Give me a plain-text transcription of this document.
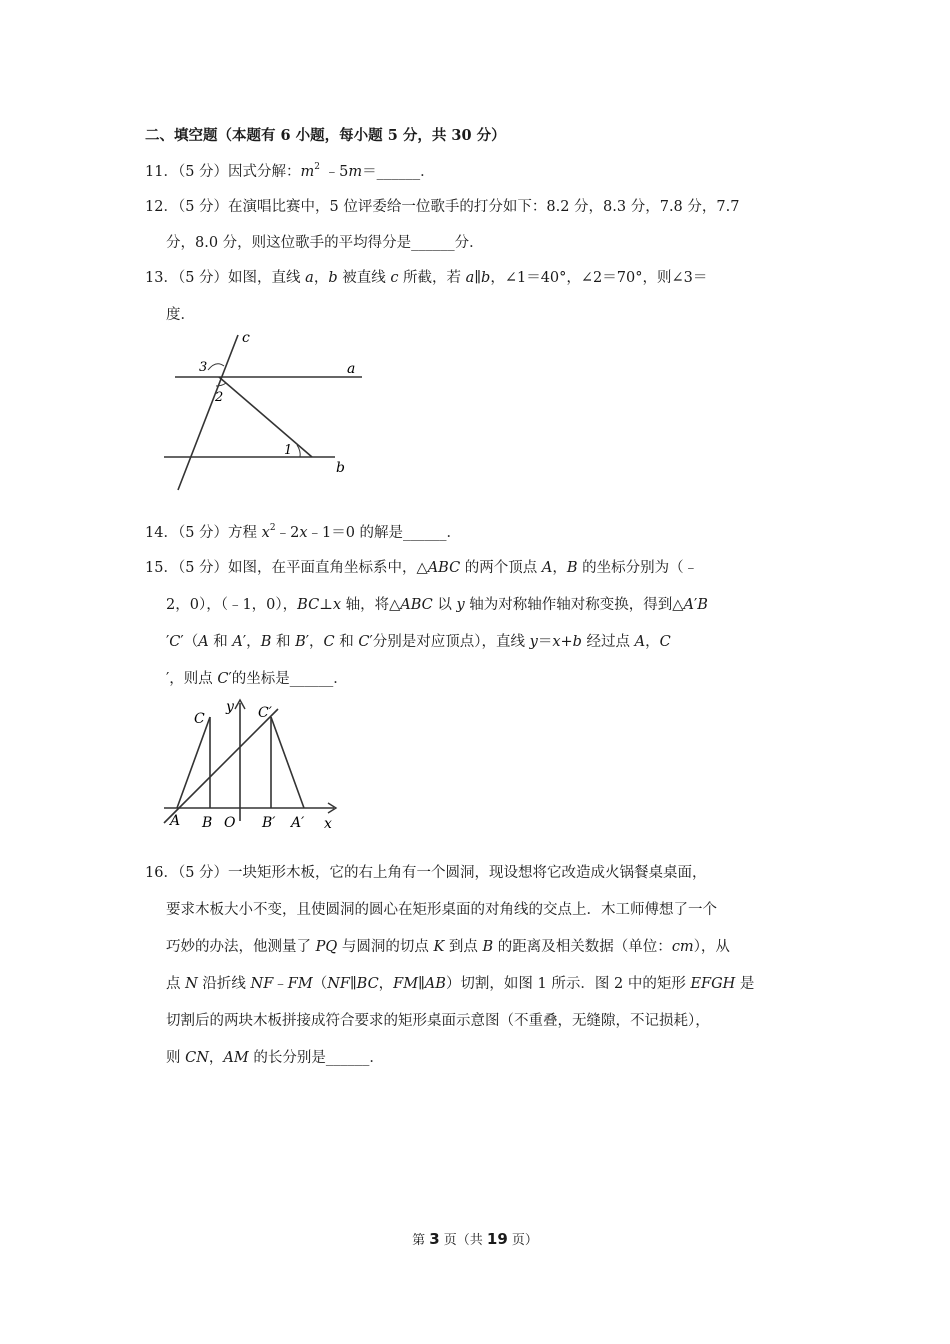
二、填空题（本题有 6 小题，每小题 5 分，共 30 分）
11．（5 分）因式分解：$m^2$ ﹣5m＝______．
12．（5 分）在演唱比赛中，5 位评委给一位歌手的打分如下：8.2 分，8.3 分，7.8 分，7.7
分，8.0 分，则这位歌手的平均得分是______分．
13．（5 分）如图，直线 a，b 被直线 c 所截，若 a∥b，∠1＝40°，∠2＝70°，则∠3＝
度．
c
a
b
1
2
3
14．（5 分）方程 $x^2﹣2x﹣1=0$ 的解是______．
15．（5 分）如图，在平面直角坐标系中，△ABC 的两个顶点 A，B 的坐标分别为（﹣
2，0），（﹣1，0），BC⊥x 轴，将△ABC 以 y 轴为对称轴作轴对称变换，得到△A′B
′C′（A 和 A′，B 和 B′，C 和 C′分别是对应顶点），直线 y＝x+b 经过点 A，C
′，则点 C′的坐标是______．
C
y C′
A B O B′ A′ x
16．（5 分）一块矩形木板，它的右上角有一个圆洞，现设想将它改造成火锅餐桌桌面，
要求木板大小不变，且使圆洞的圆心在矩形桌面的对角线的交点上．木工师傅想了一个
巧妙的办法，他测量了 PQ 与圆洞的切点 K 到点 B 的距离及相关数据（单位：cm），从
点 N 沿折线 NF﹣FM（NF∥BC，FM∥AB）切割，如图 1 所示．图 2 中的矩形 EFGH 是
切割后的两块木板拼接成符合要求的矩形桌面示意图（不重叠，无缝隙，不记损耗），
则 CN，AM 的长分别是______．
第 3 页（共 19 页）
